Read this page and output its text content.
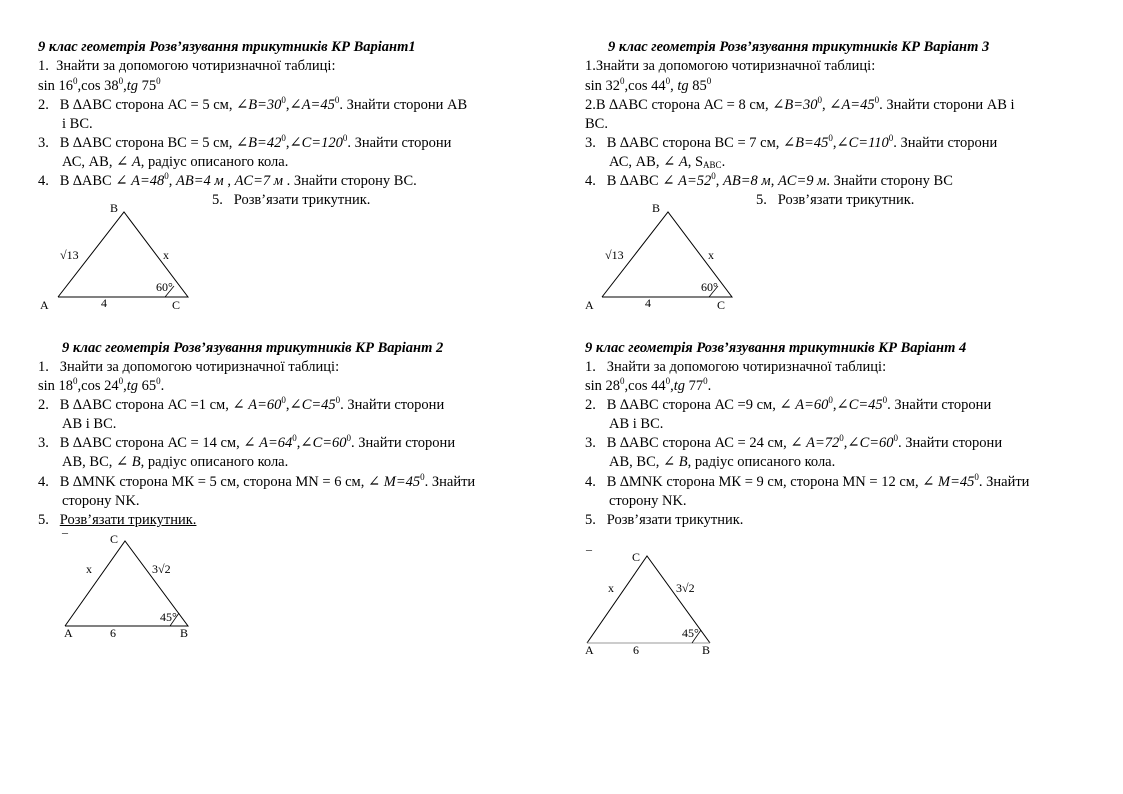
9 клас геометрія Розв’язування трикутників КР Варіант1
1. Знайти за допомогою чотиризначної таблиці:
$\sin 16^0,\cos$ $38^0,tg$ $75^0$
2. В ∆АВС сторона АС = 5 см, $\angle B=30^0,\angle A=45^0$. Знайти сторони АВ
і ВС.
3. В ∆АВС сторона ВС = 5 см, $\angle B=42^0,\angle C=120^0$. Знайти сторони
АС, АВ, ∠ A, радіус описаного кола.
4. В ∆АВС ∠ $A=48^0$, AB=4 м , AC=7 м . Знайти сторону ВС.
5. Розв’язати трикутник.
A
B
C
√13	x
4
60°
9 клас геометрія Розв’язування трикутників КР Варіант 3
1.Знайти за допомогою чотиризначної таблиці:
$\sin 32^0,\cos$ $44^0$, tg $85^0$
2.В ∆АВС сторона АС = 8 см, $\angle B=30^0$, $\angle A=45^0$. Знайти сторони АВ і
ВС.
3. В ∆АВС сторона ВС = 7 см, $\angle B=45^0,\angle C=110^0$. Знайти сторони
АС, АВ, ∠ A, $S_{АВС}$.
4. В ∆АВС ∠ $A=52^0$, AB=8 м, AC=9 м. Знайти сторону ВС
5. Розв’язати трикутник.
A
B
C
√13	x
4
60°
9 клас геометрія Розв’язування трикутників КР Варіант 2
1. Знайти за допомогою чотиризначної таблиці:
$\sin 18^0,\cos$ $24^0,tg$ $65^0$.
2. В ∆АВС сторона АС =1 см, ∠ $A=60^0,\angle C=45^0$. Знайти сторони
АВ і ВС.
3. В ∆АВС сторона АС = 14 см, ∠ $A=64^0,\angle C=60^0$. Знайти сторони
АВ, ВС, ∠ B, радіус описаного кола.
4. В ∆MNK сторона МК = 5 см, сторона MN = 6 см, ∠ $M=45^0$. Знайти
сторону NK.
5. Розв’язати трикутник.
–
A
C
B
x	3√2
6
45°
9 клас геометрія Розв’язування трикутників КР Варіант 4
1. Знайти за допомогою чотиризначної таблиці:
$\sin 28^0,\cos$ $44^0,tg$ $77^0$.
2. В ∆АВС сторона АС =9 см, ∠ $A=60^0,\angle C=45^0$. Знайти сторони
АВ і ВС.
3. В ∆АВС сторона АС = 24 см, ∠ $A=72^0,\angle C=60^0$. Знайти сторони
АВ, ВС, ∠ B, радіус описаного кола.
4. В ∆MNK сторона МК = 9 см, сторона MN = 12 см, ∠ $M=45^0$. Знайти
сторону NK.
5. Розв’язати трикутник.
–
A
C
B
x	3√2
6
45°
